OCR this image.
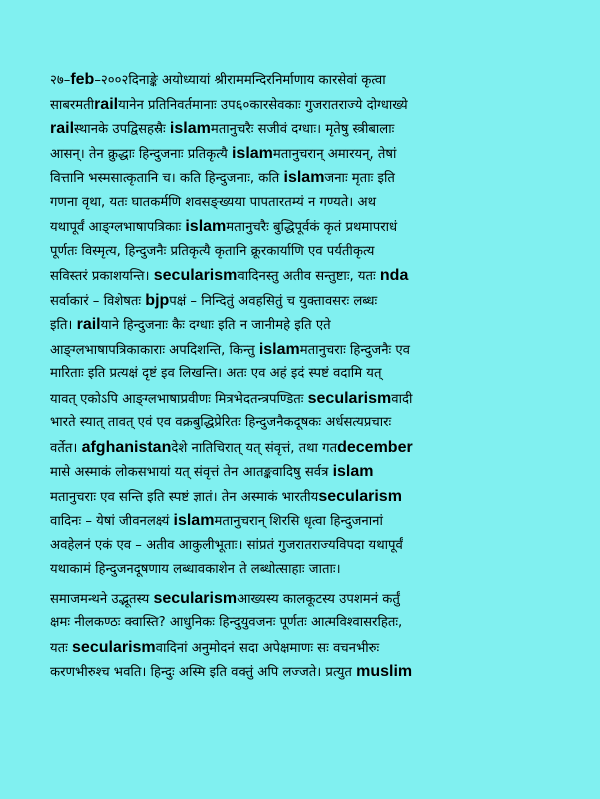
२७–feb–२००२दिनाङ्के अयोध्यायां श्रीराममन्दिरनिर्माणाय कारसेवां कृत्वा
साबरमतीrailयानेन प्रतिनिवर्तमानाः उप६०कारसेवकाः गुजरातराज्ये दोग्धाख्ये
railस्थानके उपद्विसहस्रैः islamमतानुचरैः सजीवं दग्धाः। मृतेषु स्त्रीबालाः
आसन्। तेन क्रुद्धाः हिन्दुजनाः प्रतिकृत्यै islamमतानुचरान् अमारयन्, तेषां
वित्तानि भस्मसात्कृतानि च। कति हिन्दुजनाः, कति islamजनाः मृताः इति
गणना वृथा, यतः घातकर्मणि शवसङ्ख्यया पापतारतम्यं न गण्यते। अथ
यथापूर्वं आङ्ग्लभाषापत्रिकाः islamमतानुचरैः बुद्धिपूर्वकं कृतं प्रथमापराधं
पूर्णतः विस्मृत्य, हिन्दुजनैः प्रतिकृत्यै कृतानि क्रूरकार्याणि एव पर्यतीकृत्य
सविस्तरं प्रकाशयन्ति। secularismवादिनस्तु अतीव सन्तुष्टाः, यतः nda
सर्वाकारं – विशेषतः bjpपक्षं – निन्दितुं अवहसितुं च युक्तावसरः लब्धः
इति। railयाने हिन्दुजनाः कैः दग्धाः इति न जानीमहे इति एते
आङ्ग्लभाषापत्रिकाकाराः अपदिशन्ति, किन्तु islamमतानुचराः हिन्दुजनैः एव
मारिताः इति प्रत्यक्षं दृष्टं इव लिखन्ति। अतः एव अहं इदं स्पष्टं वदामि यत्
यावत् एकोऽपि आङ्ग्लभाषाप्रवीणः मित्रभेदतन्त्रपण्डितः secularismवादी
भारते स्यात् तावत् एवं एव वक्रबुद्धिप्रेरितः हिन्दुजनैकदूषकः अर्धसत्यप्रचारः
वर्तेत। afghanistanदेशे नातिचिरात् यत् संवृत्तं, तथा गतdecember
मासे अस्माकं लोकसभायां यत् संवृत्तं तेन आतङ्कवादिषु सर्वत्र islam
मतानुचराः एव सन्ति इति स्पष्टं ज्ञातं। तेन अस्माकं भारतीयsecularism
वादिनः – येषां जीवनलक्ष्यं islamमतानुचरान् शिरसि धृत्वा हिन्दुजनानां
अवहेलनं एकं एव – अतीव आकुलीभूताः। सांप्रतं गुजरातराज्यविपदा यथापूर्वं
यथाकामं हिन्दुजनदूषणाय लब्धावकाशेन ते लब्धोत्साहाः जाताः।
समाजमन्थने उद्भूतस्य secularismआख्यस्य कालकूटस्य उपशमनं कर्तुं
क्षमः नीलकण्ठः क्वास्ति? आधुनिकः हिन्दुयुवजनः पूर्णतः आत्मविश्वासरहितः,
यतः secularismवादिनां अनुमोदनं सदा अपेक्षमाणः सः वचनभीरुः
करणभीरुश्च भवति। हिन्दुः अस्मि इति वक्तुं अपि लज्जते। प्रत्युत muslim
